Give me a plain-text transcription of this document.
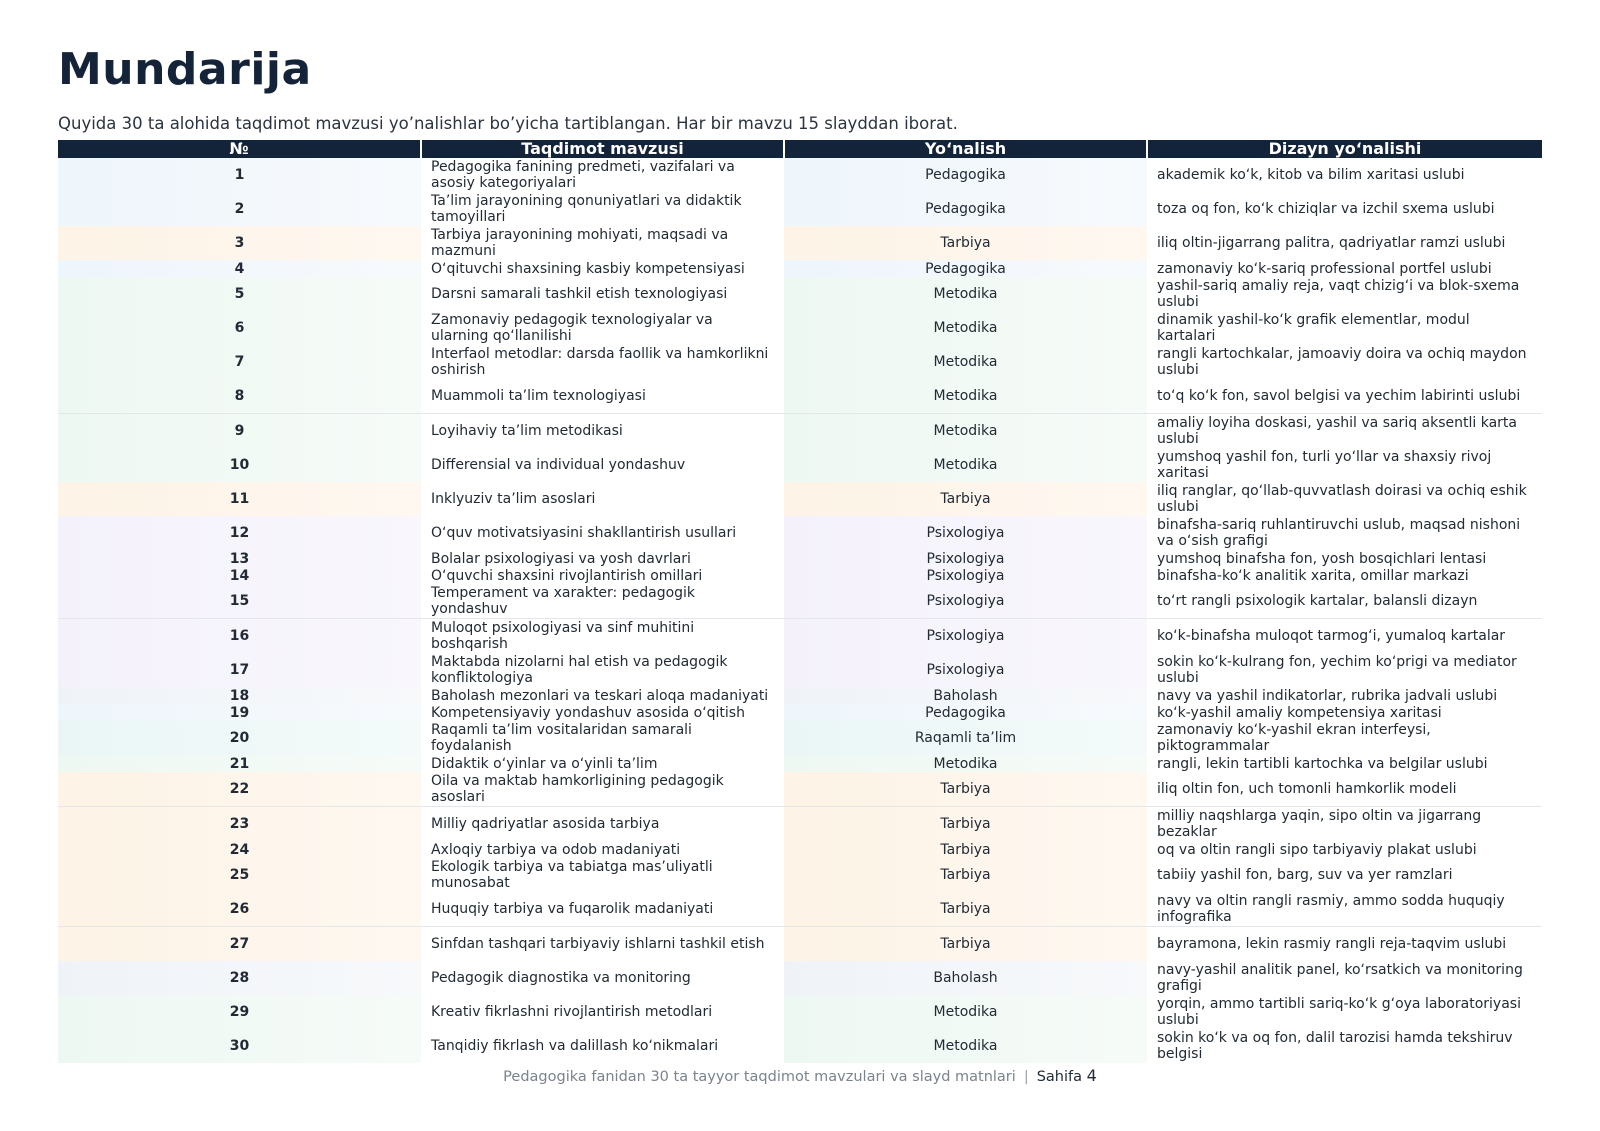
Mundarija
Quyida 30 ta alohida taqdimot mavzusi yo’nalishlar bo’yicha tartiblangan. Har bir mavzu 15 slayddan iborat.
№	Taqdimot mavzusi	Yo‘nalish	Dizayn yo‘nalishi
1	Pedagogika fanining predmeti, vazifalari va asosiy kategoriyalari	Pedagogika	akademik ko‘k, kitob va bilim xaritasi uslubi
2	Ta’lim jarayonining qonuniyatlari va didaktik tamoyillari	Pedagogika	toza oq fon, ko‘k chiziqlar va izchil sxema uslubi
3	Tarbiya jarayonining mohiyati, maqsadi va mazmuni	Tarbiya	iliq oltin-jigarrang palitra, qadriyatlar ramzi uslubi
4	O‘qituvchi shaxsining kasbiy kompetensiyasi	Pedagogika	zamonaviy ko‘k-sariq professional portfel uslubi
5	Darsni samarali tashkil etish texnologiyasi	Metodika	yashil-sariq amaliy reja, vaqt chizig‘i va blok-sxema uslubi
6	Zamonaviy pedagogik texnologiyalar va ularning qo‘llanilishi	Metodika	dinamik yashil-ko‘k grafik elementlar, modul kartalari
7	Interfaol metodlar: darsda faollik va hamkorlikni oshirish	Metodika	rangli kartochkalar, jamoaviy doira va ochiq maydon uslubi
8	Muammoli ta’lim texnologiyasi	Metodika	to‘q ko‘k fon, savol belgisi va yechim labirinti uslubi
9	Loyihaviy ta’lim metodikasi	Metodika	amaliy loyiha doskasi, yashil va sariq aksentli karta uslubi
10	Differensial va individual yondashuv	Metodika	yumshoq yashil fon, turli yo‘llar va shaxsiy rivoj xaritasi
11	Inklyuziv ta’lim asoslari	Tarbiya	iliq ranglar, qo‘llab-quvvatlash doirasi va ochiq eshik uslubi
12	O‘quv motivatsiyasini shakllantirish usullari	Psixologiya	binafsha-sariq ruhlantiruvchi uslub, maqsad nishoni va o‘sish grafigi
13	Bolalar psixologiyasi va yosh davrlari	Psixologiya	yumshoq binafsha fon, yosh bosqichlari lentasi
14	O‘quvchi shaxsini rivojlantirish omillari	Psixologiya	binafsha-ko‘k analitik xarita, omillar markazi
15	Temperament va xarakter: pedagogik yondashuv	Psixologiya	to‘rt rangli psixologik kartalar, balansli dizayn
16	Muloqot psixologiyasi va sinf muhitini boshqarish	Psixologiya	ko‘k-binafsha muloqot tarmog‘i, yumaloq kartalar
17	Maktabda nizolarni hal etish va pedagogik konfliktologiya	Psixologiya	sokin ko‘k-kulrang fon, yechim ko‘prigi va mediator uslubi
18	Baholash mezonlari va teskari aloqa madaniyati	Baholash	navy va yashil indikatorlar, rubrika jadvali uslubi
19	Kompetensiyaviy yondashuv asosida o‘qitish	Pedagogika	ko‘k-yashil amaliy kompetensiya xaritasi
20	Raqamli ta’lim vositalaridan samarali foydalanish	Raqamli ta’lim	zamonaviy ko‘k-yashil ekran interfeysi, piktogrammalar
21	Didaktik o‘yinlar va o‘yinli ta’lim	Metodika	rangli, lekin tartibli kartochka va belgilar uslubi
22	Oila va maktab hamkorligining pedagogik asoslari	Tarbiya	iliq oltin fon, uch tomonli hamkorlik modeli
23	Milliy qadriyatlar asosida tarbiya	Tarbiya	milliy naqshlarga yaqin, sipo oltin va jigarrang bezaklar
24	Axloqiy tarbiya va odob madaniyati	Tarbiya	oq va oltin rangli sipo tarbiyaviy plakat uslubi
25	Ekologik tarbiya va tabiatga mas’uliyatli munosabat	Tarbiya	tabiiy yashil fon, barg, suv va yer ramzlari
26	Huquqiy tarbiya va fuqarolik madaniyati	Tarbiya	navy va oltin rangli rasmiy, ammo sodda huquqiy infografika
27	Sinfdan tashqari tarbiyaviy ishlarni tashkil etish	Tarbiya	bayramona, lekin rasmiy rangli reja-taqvim uslubi
28	Pedagogik diagnostika va monitoring	Baholash	navy-yashil analitik panel, ko‘rsatkich va monitoring grafigi
29	Kreativ fikrlashni rivojlantirish metodlari	Metodika	yorqin, ammo tartibli sariq-ko‘k g‘oya laboratoriyasi uslubi
30	Tanqidiy fikrlash va dalillash ko‘nikmalari	Metodika	sokin ko‘k va oq fon, dalil tarozisi hamda tekshiruv belgisi
Pedagogika fanidan 30 ta tayyor taqdimot mavzulari va slayd matnlari | Sahifa 4
